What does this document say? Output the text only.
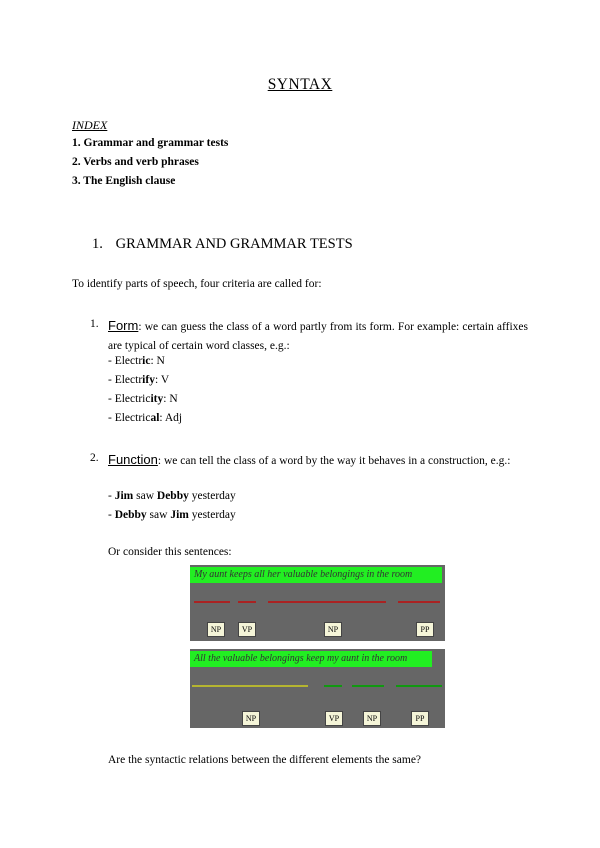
SYNTAX
INDEX
1. Grammar and grammar tests
2. Verbs and verb phrases
3. The English clause
1. GRAMMAR AND GRAMMAR TESTS
To identify parts of speech, four criteria are called for:
1. Form: we can guess the class of a word partly from its form. For example: certain affixes are typical of certain word classes, e.g.:
- Electric: N
- Electrify: V
- Electricity: N
- Electrical: Adj
2. Function: we can tell the class of a word by the way it behaves in a construction, e.g.:
- Jim saw Debby yesterday
- Debby saw Jim yesterday
Or consider this sentences:
My aunt keeps all her valuable belongings in the room
NP	VP	NP	PP
All the valuable belongings keep my aunt in the room
NP	VP	NP	PP
Are the syntactic relations between the different elements the same?
